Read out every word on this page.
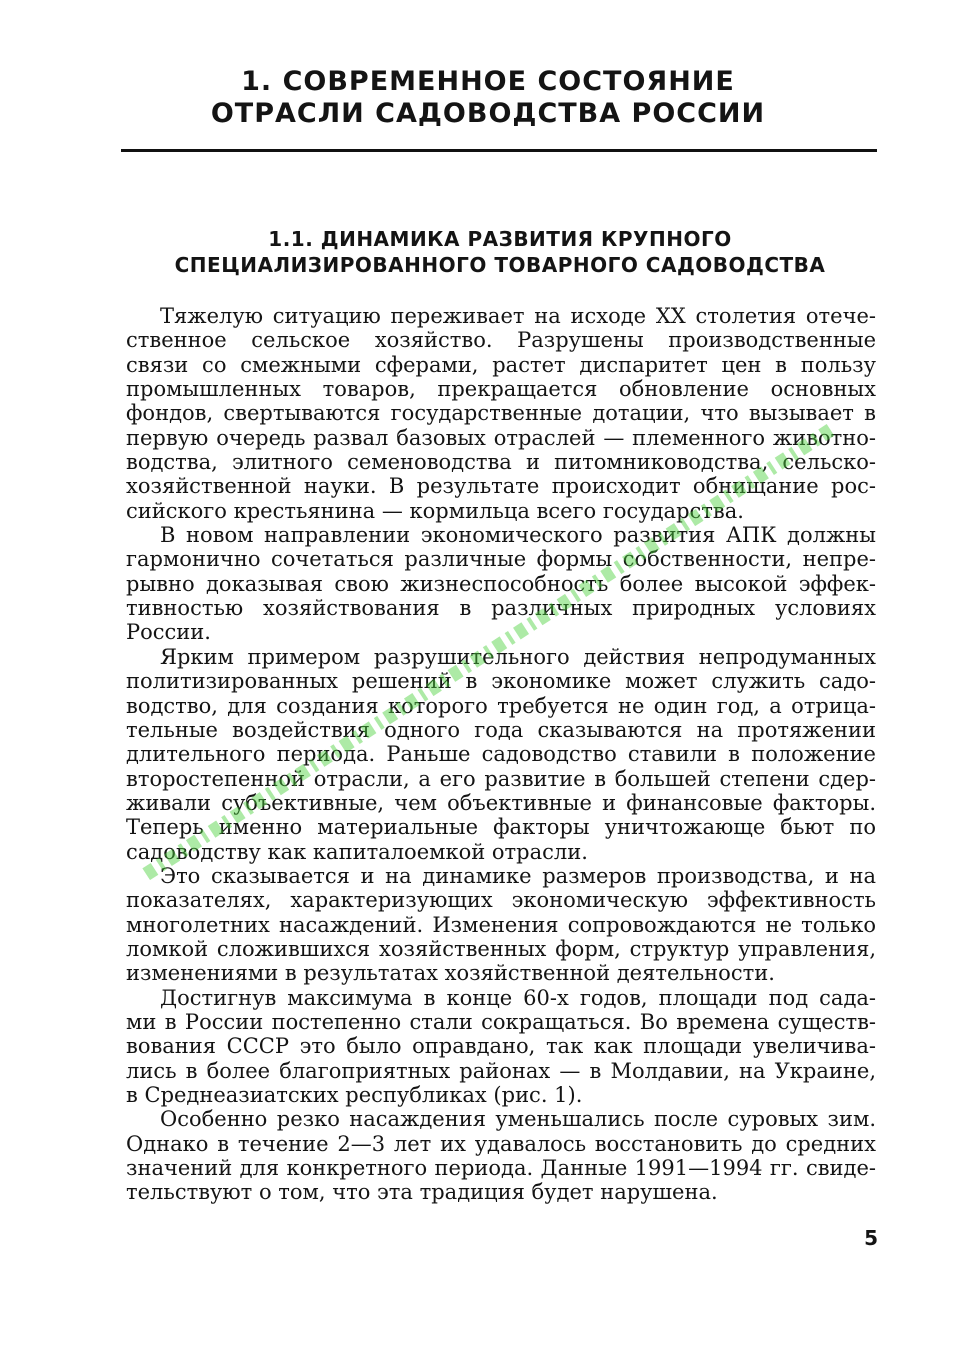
1. СОВРЕМЕННОЕ СОСТОЯНИЕ
ОТРАСЛИ САДОВОДСТВА РОССИИ
1.1. ДИНАМИКА РАЗВИТИЯ КРУПНОГО
СПЕЦИАЛИЗИРОВАННОГО ТОВАРНОГО САДОВОДСТВА
Тяжелую ситуацию переживает на исходе XX столетия отече-
ственное сельское хозяйство. Разрушены производственные
связи со смежными сферами, растет диспаритет цен в пользу
промышленных товаров, прекращается обновление основных
фондов, свертываются государственные дотации, что вызывает в
первую очередь развал базовых отраслей — племенного животно-
водства, элитного семеноводства и питомниководства, сельско-
хозяйственной науки. В результате происходит обнищание рос-
сийского крестьянина — кормильца всего государства.
В новом направлении экономического развития АПК должны
гармонично сочетаться различные формы собственности, непре-
рывно доказывая свою жизнеспособность более высокой эффек-
тивностью хозяйствования в различных природных условиях
России.
Ярким примером разрушительного действия непродуманных
политизированных решений в экономике может служить садо-
водство, для создания которого требуется не один год, а отрица-
тельные воздействия одного года сказываются на протяжении
длительного периода. Раньше садоводство ставили в положение
второстепенной отрасли, а его развитие в большей степени сдер-
живали субъективные, чем объективные и финансовые факторы.
Теперь именно материальные факторы уничтожающе бьют по
садоводству как капиталоемкой отрасли.
Это сказывается и на динамике размеров производства, и на
показателях, характеризующих экономическую эффективность
многолетних насаждений. Изменения сопровождаются не только
ломкой сложившихся хозяйственных форм, структур управления,
изменениями в результатах хозяйственной деятельности.
Достигнув максимума в конце 60-х годов, площади под сада-
ми в России постепенно стали сокращаться. Во времена существ-
вования СССР это было оправдано, так как площади увеличива-
лись в более благоприятных районах — в Молдавии, на Украине,
в Среднеазиатских республиках (рис. 1).
Особенно резко насаждения уменьшались после суровых зим.
Однако в течение 2—3 лет их удавалось восстановить до средних
значений для конкретного периода. Данные 1991—1994 гг. свиде-
тельствуют о том, что эта традиция будет нарушена.
5
